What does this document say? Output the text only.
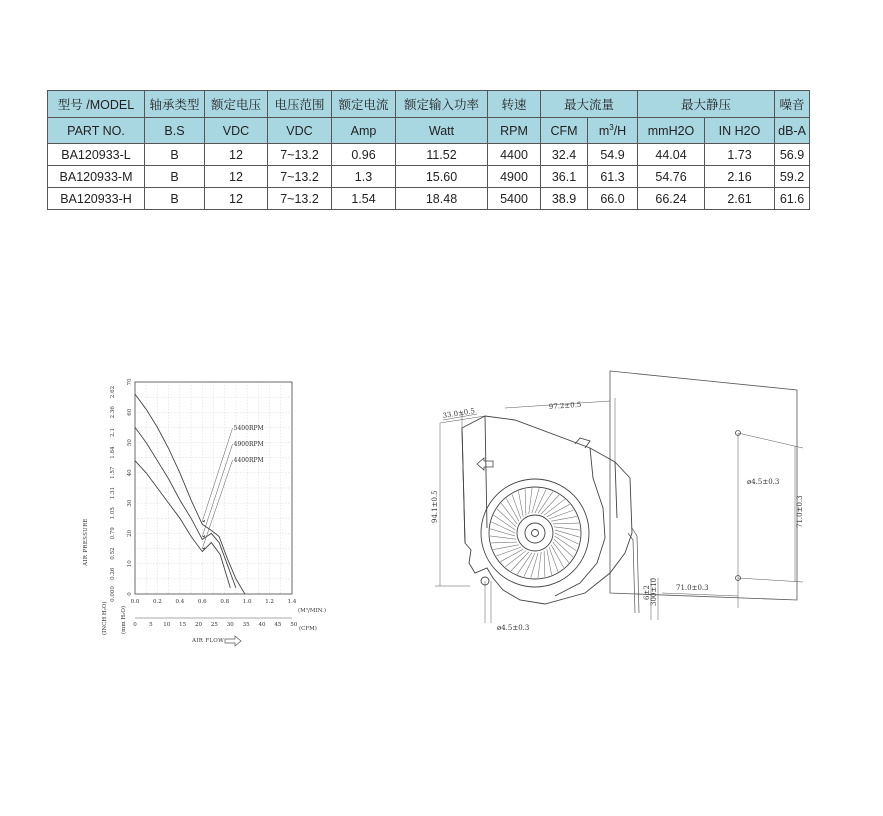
型号 /MODEL	轴承类型	额定电压	电压范围	额定电流	额定输入功率	转速	最大流量		最大静压		噪音
PART NO.	B.S	VDC	VDC	Amp	Watt	RPM	CFM	$m^3/H$	mmH2O	IN H2O	dB-A
BA120933-L	B	12	7~13.2	0.96	11.52	4400	32.4	54.9	44.04	1.73	56.9
BA120933-M	B	12	7~13.2	1.3	15.60	4900	36.1	61.3	54.76	2.16	59.2
BA120933-H	B	12	7~13.2	1.54	18.48	5400	38.9	66.0	66.24	2.61	61.6
5400RPM
4900RPM
4400RPM
0
10
20
30
40
50
60
70
0.000
0.26
0.52
0.79
1.05
1.31
1.57
1.84
2.1
2.36
2.62
0.0 0.2 0.4 0.6 0.8 1.0 1.2 1.4
0 5 10 15 20 25 30 35 40 45 50
AIR PRESSURE
(INCH H₂O) (mm H₂O)	(M³/MIN.)
(CFM)
AIR FLOW
97.2±0.5
33.0±0.5
94.1±0.5
ø4.5±0.3
71.0±0.3
71.0±0.3
ø4.5±0.3
6±2 300±10
